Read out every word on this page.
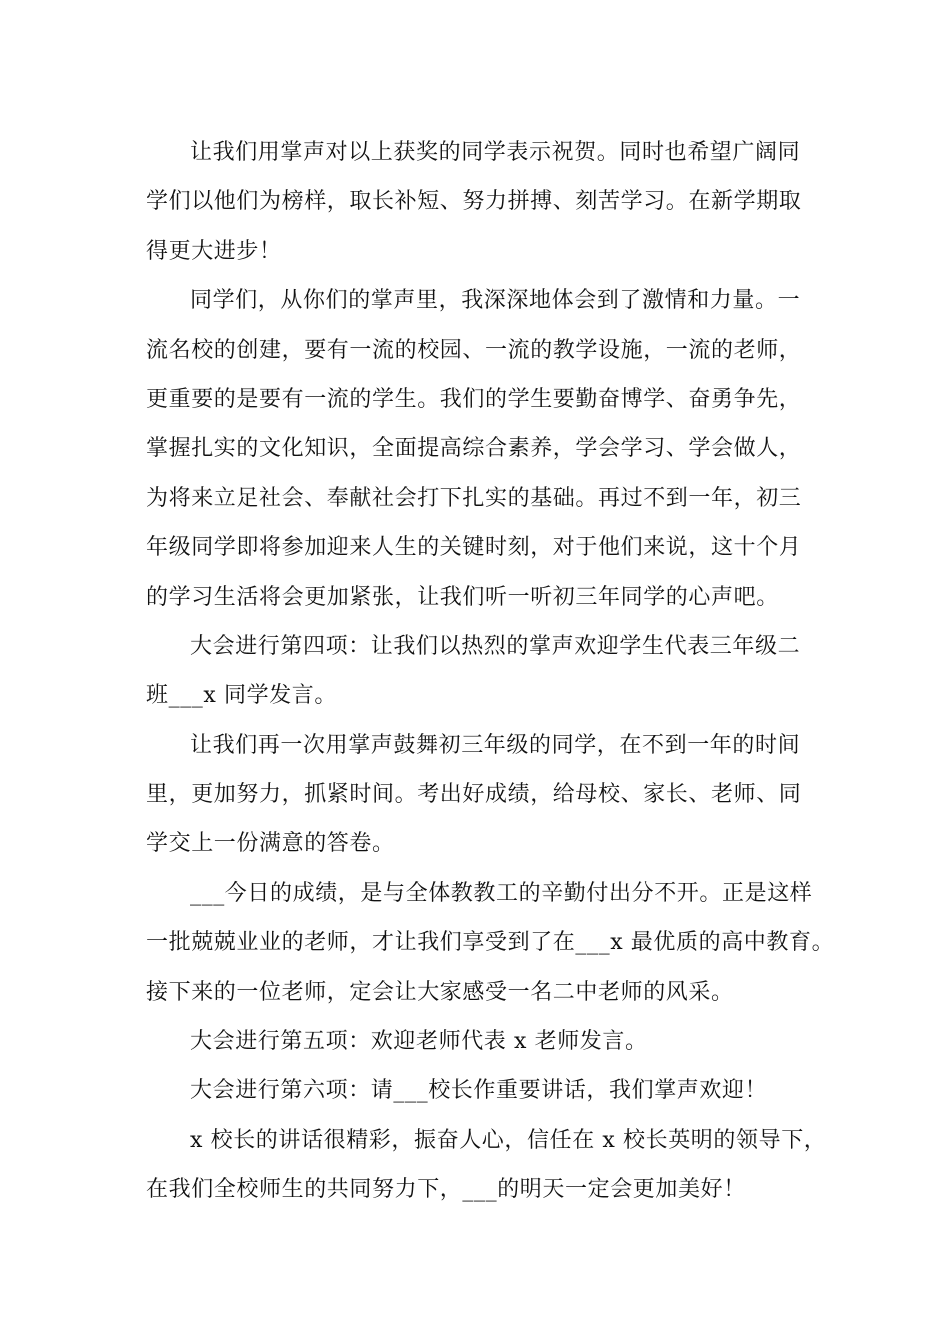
让我们用掌声对以上获奖的同学表示祝贺。同时也希望广阔同
学们以他们为榜样，取长补短、努力拼搏、刻苦学习。在新学期取
得更大进步！
同学们，从你们的掌声里，我深深地体会到了激情和力量。一
流名校的创建，要有一流的校园、一流的教学设施，一流的老师，
更重要的是要有一流的学生。我们的学生要勤奋博学、奋勇争先，
掌握扎实的文化知识，全面提高综合素养，学会学习、学会做人，
为将来立足社会、奉献社会打下扎实的基础。再过不到一年，初三
年级同学即将参加迎来人生的关键时刻，对于他们来说，这十个月
的学习生活将会更加紧张，让我们听一听初三年同学的心声吧。
大会进行第四项：让我们以热烈的掌声欢迎学生代表三年级二
班___x 同学发言。
让我们再一次用掌声鼓舞初三年级的同学，在不到一年的时间
里，更加努力，抓紧时间。考出好成绩，给母校、家长、老师、同
学交上一份满意的答卷。
___今日的成绩，是与全体教教工的辛勤付出分不开。正是这样
一批兢兢业业的老师，才让我们享受到了在___x 最优质的高中教育。
接下来的一位老师，定会让大家感受一名二中老师的风采。
大会进行第五项：欢迎老师代表 x 老师发言。
大会进行第六项：请___校长作重要讲话，我们掌声欢迎！
x 校长的讲话很精彩，振奋人心，信任在 x 校长英明的领导下，
在我们全校师生的共同努力下，___的明天一定会更加美好！
